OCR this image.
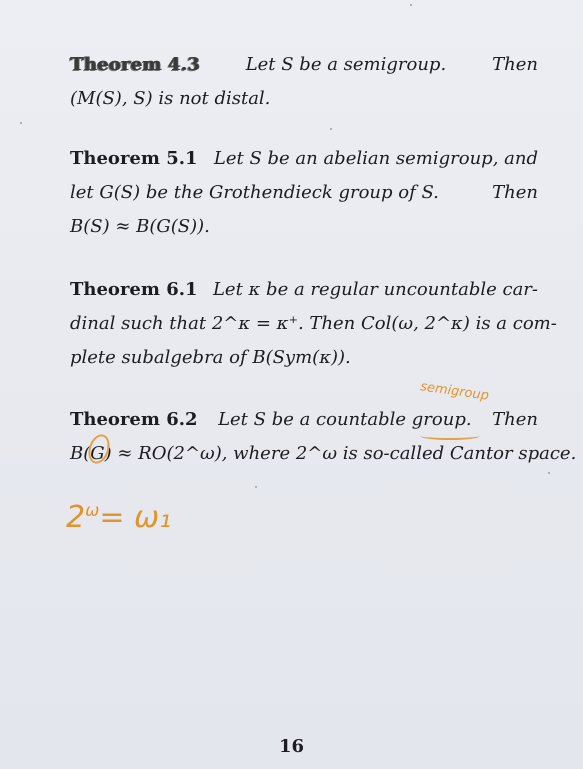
Theorem 4.3	Let S be a semigroup.	Then
(M(S), S) is not distal.
Theorem 5.1 Let S be an abelian semigroup, and
let G(S) be the Grothendieck group of S.	Then
B(S) ≈ B(G(S)).
Theorem 6.1 Let κ be a regular uncountable car-
dinal such that 2^κ = κ⁺. Then Col(ω, 2^κ) is a com-
plete subalgebra of B(Sym(κ)).
Theorem 6.2 Let S be a countable group. Then
B(G) ≈ RO(2^ω), where 2^ω is so-called Cantor space.
semigroup
$2^\omega= \omega_1$
16
